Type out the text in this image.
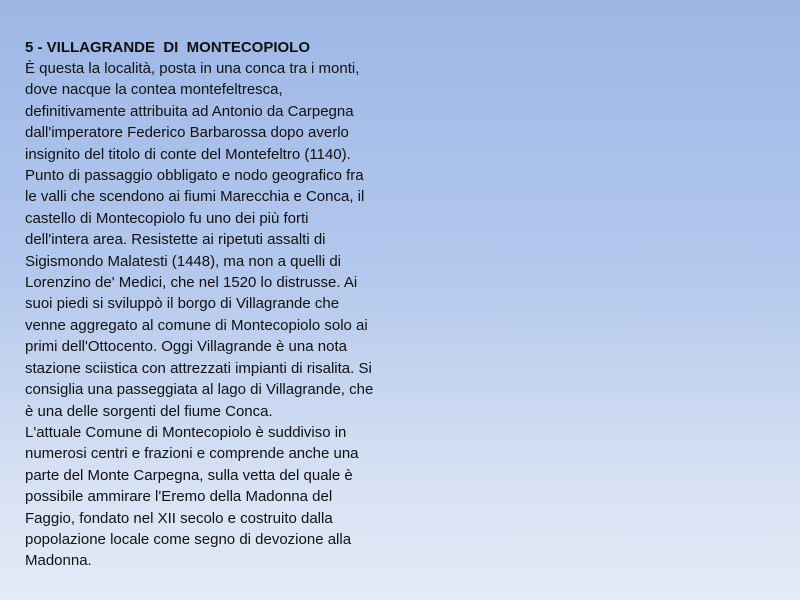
5 - VILLAGRANDE  DI  MONTECOPIOLO

È questa la località, posta in una conca tra i monti,

dove nacque la contea montefeltresca,

definitivamente attribuita ad Antonio da Carpegna

dall'imperatore Federico Barbarossa dopo averlo

insignito del titolo di conte del Montefeltro (1140).

Punto di passaggio obbligato e nodo geografico fra

le valli che scendono ai fiumi Marecchia e Conca, il

castello di Montecopiolo fu uno dei più forti

dell'intera area. Resistette ai ripetuti assalti di

Sigismondo Malatesti (1448), ma non a quelli di

Lorenzino de' Medici, che nel 1520 lo distrusse. Ai

suoi piedi si sviluppò il borgo di Villagrande che

venne aggregato al comune di Montecopiolo solo ai

primi dell'Ottocento. Oggi Villagrande è una nota

stazione sciistica con attrezzati impianti di risalita. Si

consiglia una passeggiata al lago di Villagrande, che

è una delle sorgenti del fiume Conca.

L'attuale Comune di Montecopiolo è suddiviso in

numerosi centri e frazioni e comprende anche una

parte del Monte Carpegna, sulla vetta del quale è

possibile ammirare l'Eremo della Madonna del

Faggio, fondato nel XII secolo e costruito dalla

popolazione locale come segno di devozione alla

Madonna.
